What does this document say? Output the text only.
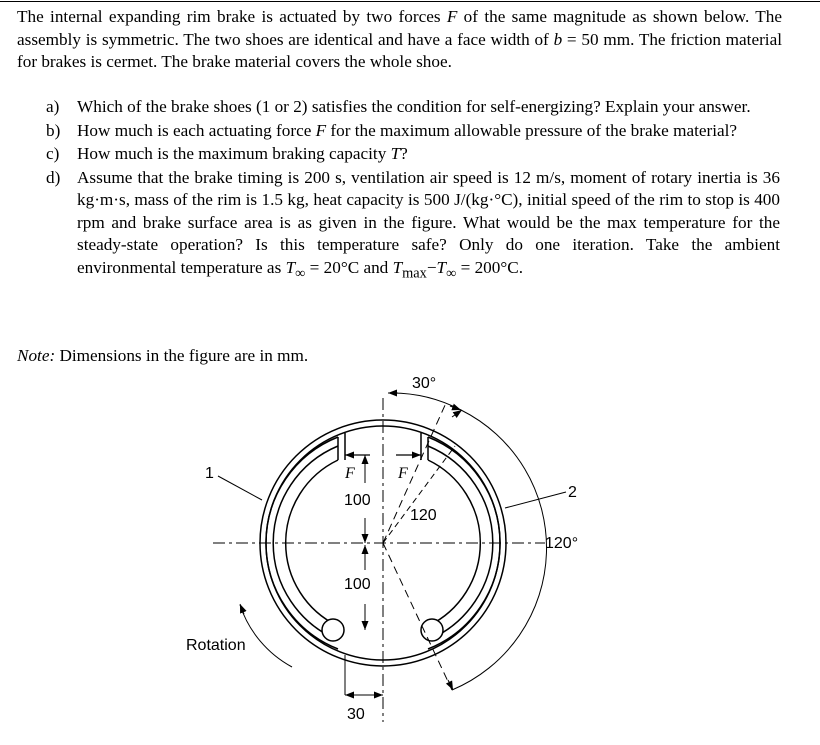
The internal expanding rim brake is actuated by two forces F of the same magnitude as shown below. The assembly is symmetric. The two shoes are identical and have a face width of b = 50 mm. The friction material for brakes is cermet. The brake material covers the whole shoe.
a)	Which of the brake shoes (1 or 2) satisfies the condition for self-energizing? Explain your answer.
b) How much is each actuating force F for the maximum allowable pressure of the brake material?
c)	How much is the maximum braking capacity T?
d) Assume that the brake timing is 200 s, ventilation air speed is 12 m/s, moment of rotary inertia is 36 kg·m·s, mass of the rim is 1.5 kg, heat capacity is 500 J/(kg·°C), initial speed of the rim to stop is 400 rpm and brake surface area is as given in the figure. What would be the max temperature for the steady-state operation? Is this temperature safe? Only do one iteration. Take the ambient environmental temperature as $T_\infty = 20^\circ C$ and $T_{max}-T_\infty = 200^\circ C$.
Note: Dimensions in the figure are in mm.
F	F
100
100
120
30°
120°
1
2
Rotation
30
